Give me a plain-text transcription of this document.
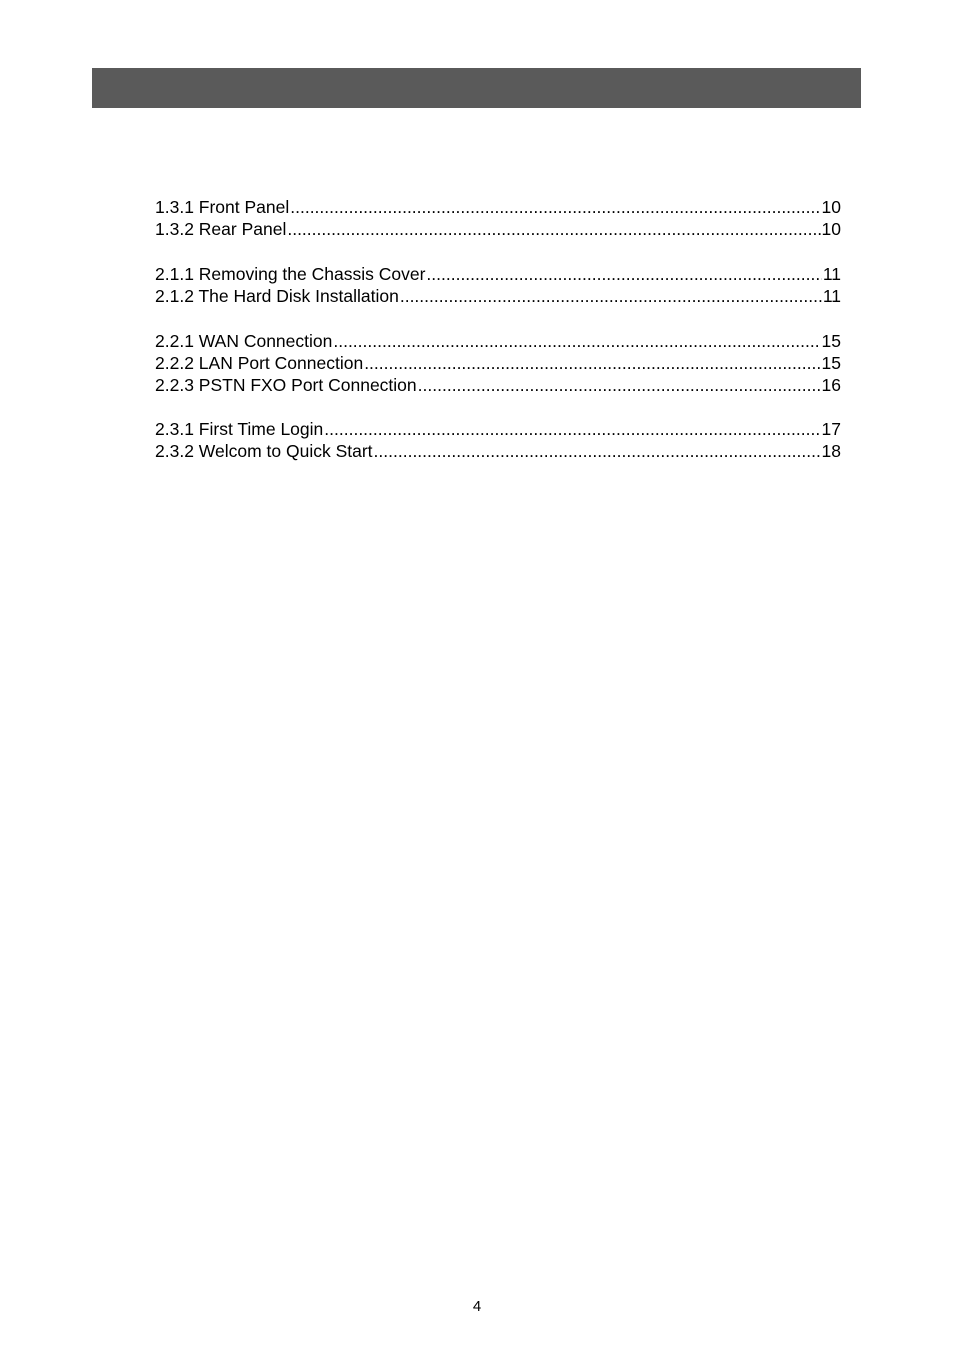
1.3.1 Front Panel .....	10
1.3.2 Rear Panel .....	10
2.1.1 Removing the Chassis Cover .....	11
2.1.2 The Hard Disk Installation .....	11
2.2.1 WAN Connection .....	15
2.2.2 LAN Port Connection .....	15
2.2.3 PSTN FXO Port Connection .....	16
2.3.1 First Time Login .....	17
2.3.2 Welcom to Quick Start .....	18
4
